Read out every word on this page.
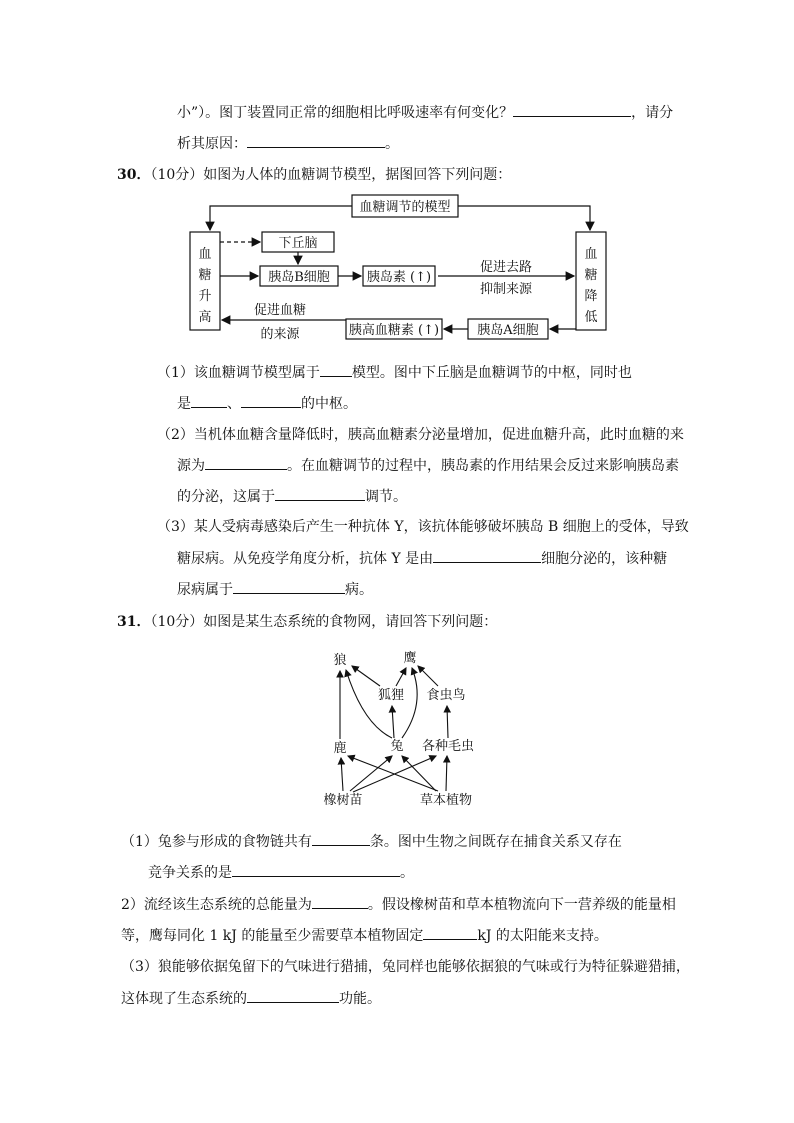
小”）。图丁装置同正常的细胞相比呼吸速率有何变化？	，请分
析其原因：	。
30．（10分）如图为人体的血糖调节模型，据图回答下列问题：
血糖调节的模型
血
糖
升
高
血
糖
降
低
下丘脑
胰岛B细胞	胰岛素 (↑)
促进去路
抑制来源
胰岛A细胞
胰高血糖素 (↑)
促进血糖
的来源
（1）该血糖调节模型属于 模型。图中下丘脑是血糖调节的中枢，同时也
是	、	的中枢。
（2）当机体血糖含量降低时，胰高血糖素分泌量增加，促进血糖升高，此时血糖的来
源为	。在血糖调节的过程中，胰岛素的作用结果会反过来影响胰岛素
的分泌，这属于	调节。
（3）某人受病毒感染后产生一种抗体 Y，该抗体能够破坏胰岛 B 细胞上的受体，导致
糖尿病。从免疫学角度分析，抗体 Y 是由	细胞分泌的，该种糖
尿病属于	病。
31．（10分）如图是某生态系统的食物网，请回答下列问题：
狼	鹰
狐狸 食虫鸟
鹿	兔 各种毛虫
橡树苗	草本植物
（1）兔参与形成的食物链共有	条。图中生物之间既存在捕食关系又存在
竞争关系的是	。
2）流经该生态系统的总能量为	。假设橡树苗和草本植物流向下一营养级的能量相
等，鹰每同化 1 kJ 的能量至少需要草本植物固定	kJ 的太阳能来支持。
（3）狼能够依据兔留下的气味进行猎捕，兔同样也能够依据狼的气味或行为特征躲避猎捕，
这体现了生态系统的	功能。
